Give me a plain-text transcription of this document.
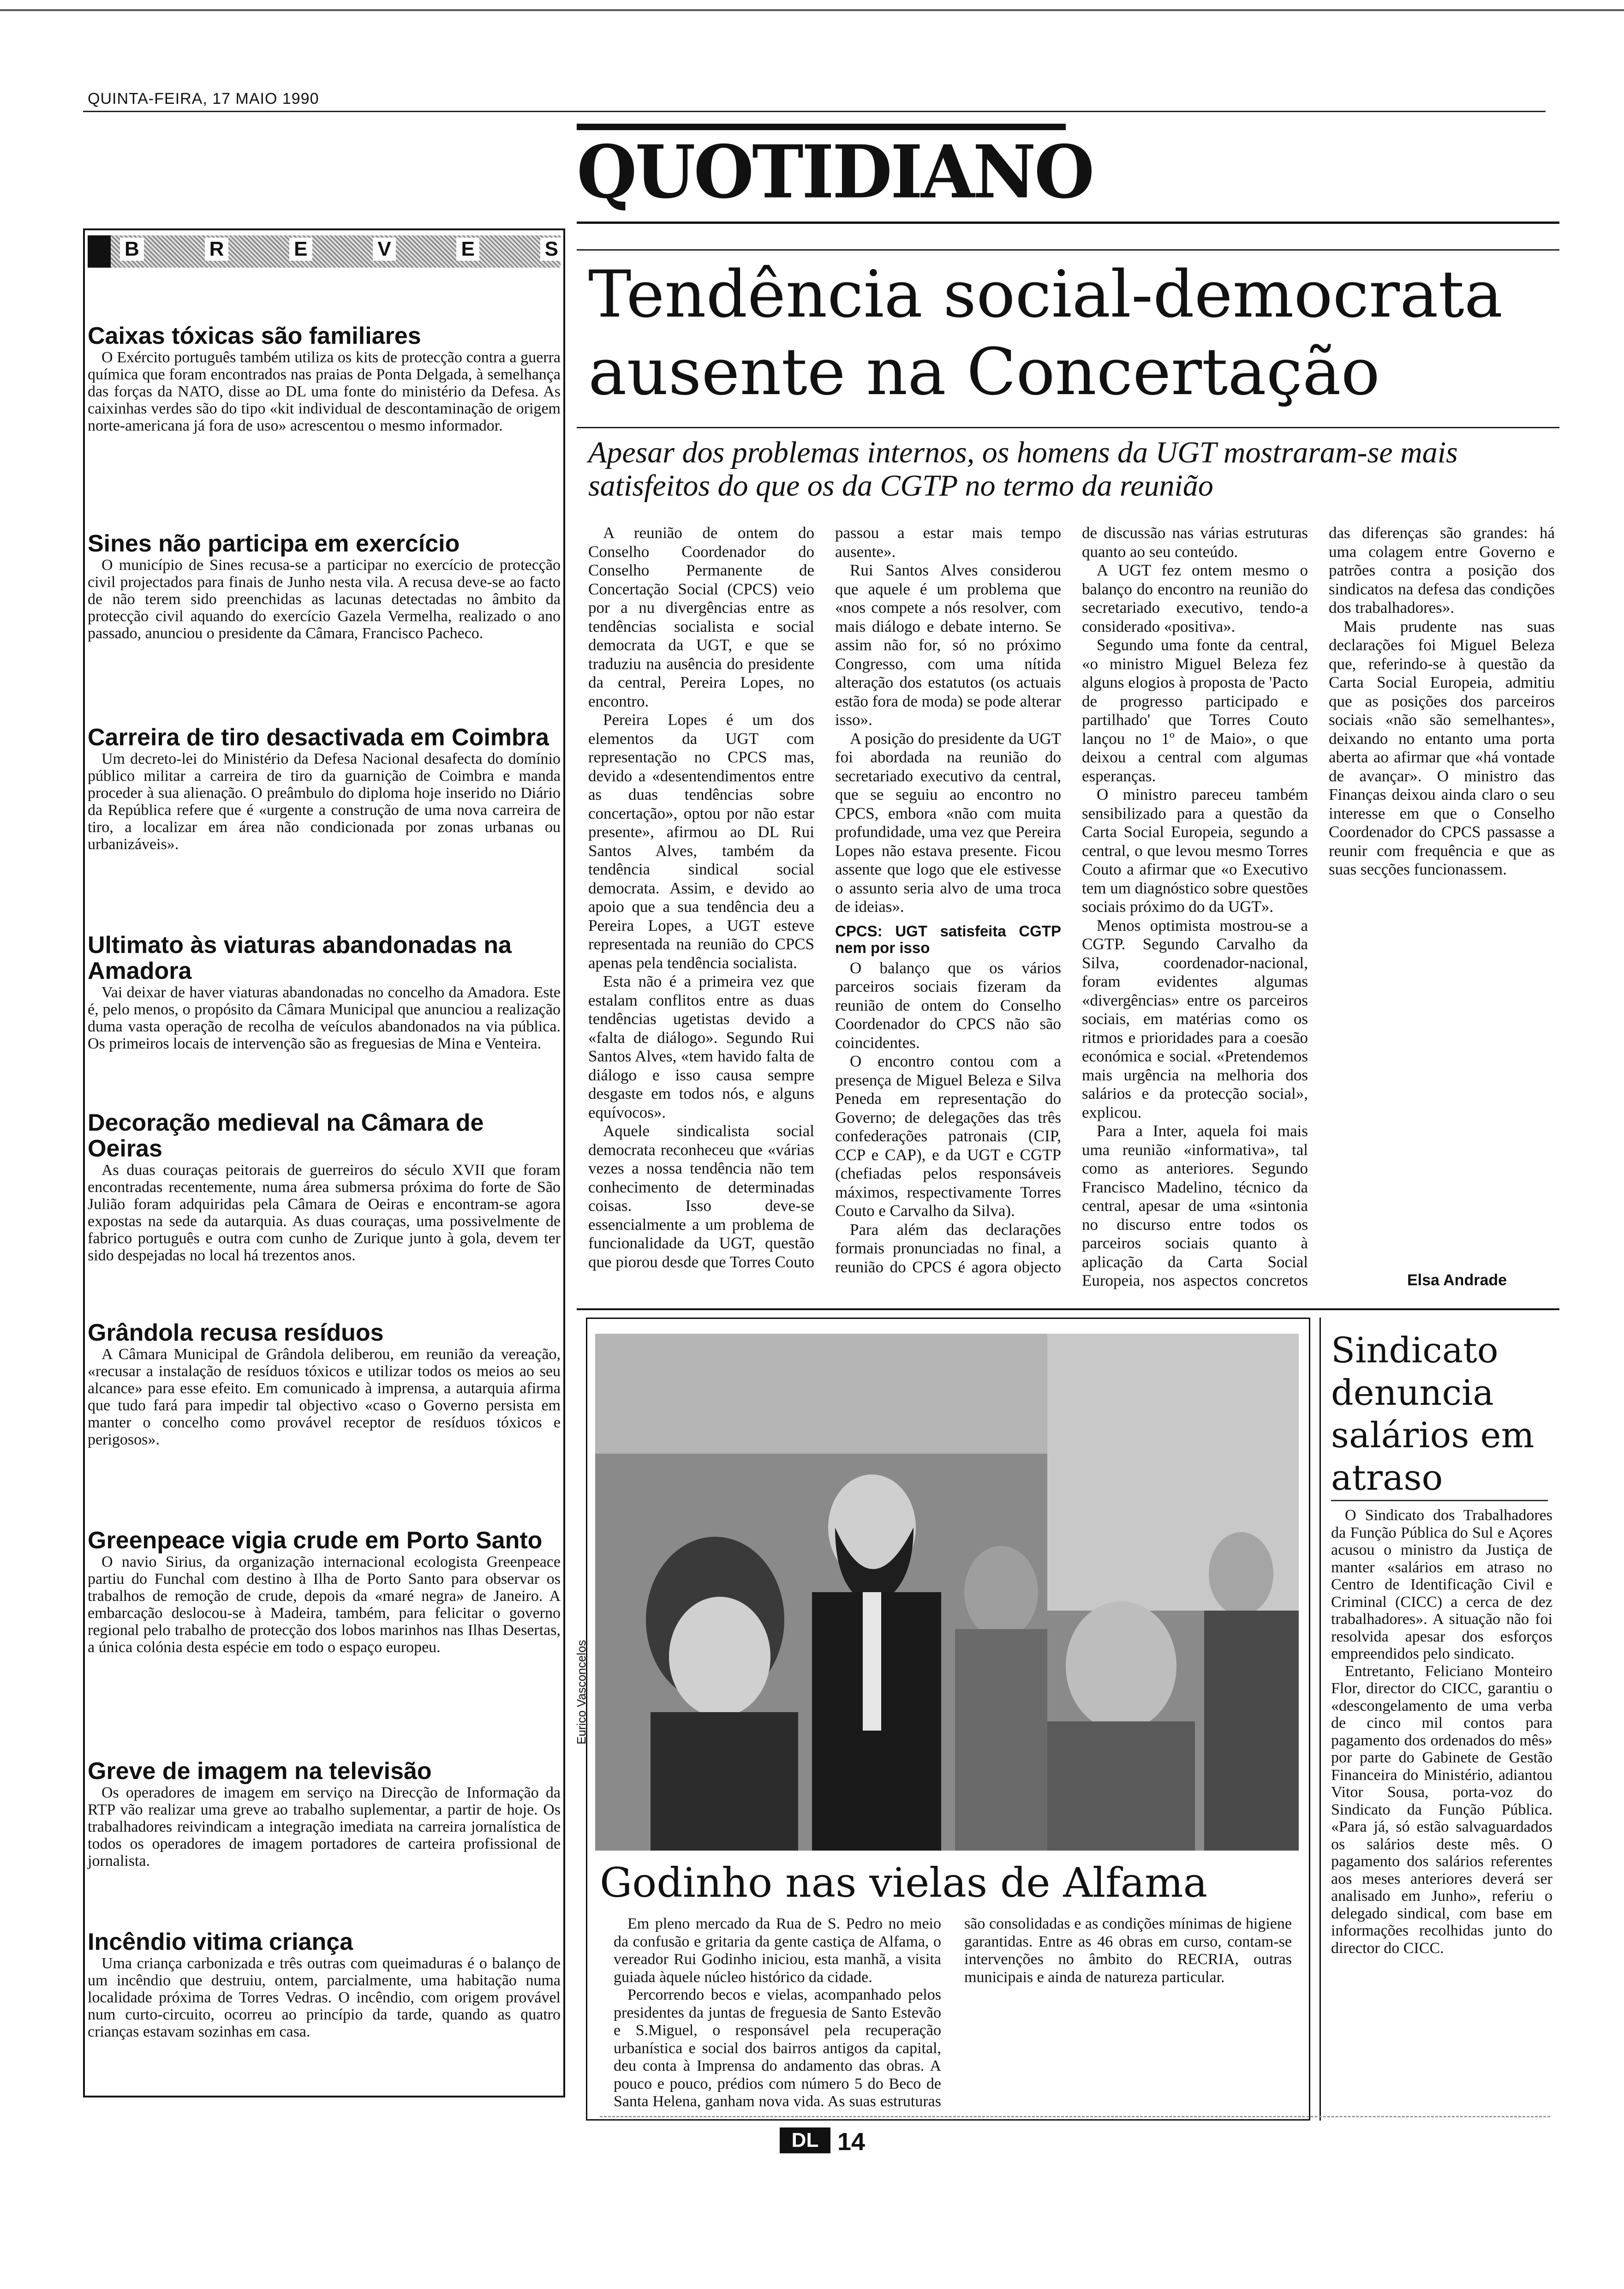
QUINTA-FEIRA, 17 MAIO 1990
QUOTIDIANO
B	R	E	V	E	S
Caixas tóxicas são familiares

O Exército português também utiliza os kits de protecção contra a guerra química que foram encontrados nas praias de Ponta Delgada, à semelhança das forças da NATO, disse ao DL uma fonte do ministério da Defesa. As caixinhas verdes são do tipo «kit individual de descontaminação de origem norte-americana já fora de uso» acrescentou o mesmo informador.

Sines não participa em exercício

O município de Sines recusa-se a participar no exercício de protecção civil projectados para finais de Junho nesta vila. A recusa deve-se ao facto de não terem sido preenchidas as lacunas detectadas no âmbito da protecção civil aquando do exercício Gazela Vermelha, realizado o ano passado, anunciou o presidente da Câmara, Francisco Pacheco.

Carreira de tiro desactivada em Coimbra

Um decreto-lei do Ministério da Defesa Nacional desafecta do domínio público militar a carreira de tiro da guarnição de Coimbra e manda proceder à sua alienação. O preâmbulo do diploma hoje inserido no Diário da República refere que é «urgente a construção de uma nova carreira de tiro, a localizar em área não condicionada por zonas urbanas ou urbanizáveis».

Ultimato às viaturas abandonadas na Amadora

Vai deixar de haver viaturas abandonadas no concelho da Amadora. Este é, pelo menos, o propósito da Câmara Municipal que anunciou a realização duma vasta operação de recolha de veículos abandonados na via pública. Os primeiros locais de intervenção são as freguesias de Mina e Venteira.

Decoração medieval na Câmara de Oeiras

As duas couraças peitorais de guerreiros do século XVII que foram encontradas recentemente, numa área submersa próxima do forte de São Julião foram adquiridas pela Câmara de Oeiras e encontram-se agora expostas na sede da autarquia. As duas couraças, uma possivelmente de fabrico português e outra com cunho de Zurique junto à gola, devem ter sido despejadas no local há trezentos anos.

Grândola recusa resíduos

A Câmara Municipal de Grândola deliberou, em reunião da vereação, «recusar a instalação de resíduos tóxicos e utilizar todos os meios ao seu alcance» para esse efeito. Em comunicado à imprensa, a autarquia afirma que tudo fará para impedir tal objectivo «caso o Governo persista em manter o concelho como provável receptor de resíduos tóxicos e perigosos».

Greenpeace vigia crude em Porto Santo

O navio Sirius, da organização internacional ecologista Greenpeace partiu do Funchal com destino à Ilha de Porto Santo para observar os trabalhos de remoção de crude, depois da «maré negra» de Janeiro. A embarcação deslocou-se à Madeira, também, para felicitar o governo regional pelo trabalho de protecção dos lobos marinhos nas Ilhas Desertas, a única colónia desta espécie em todo o espaço europeu.

Greve de imagem na televisão

Os operadores de imagem em serviço na Direcção de Informação da RTP vão realizar uma greve ao trabalho suplementar, a partir de hoje. Os trabalhadores reivindicam a integração imediata na carreira jornalística de todos os operadores de imagem portadores de carteira profissional de jornalista.

Incêndio vitima criança

Uma criança carbonizada e três outras com queimaduras é o balanço de um incêndio que destruiu, ontem, parcialmente, uma habitação numa localidade próxima de Torres Vedras. O incêndio, com origem provável num curto-circuito, ocorreu ao princípio da tarde, quando as quatro crianças estavam sozinhas em casa.

Tendência social-democrata
ausente na Concertação
Apesar dos problemas internos, os homens da UGT mostraram-se mais satisfeitos do que os da CGTP no termo da reunião

A reunião de ontem do Conselho Coordenador do Conselho Permanente de Concertação Social (CPCS) veio por a nu divergências entre as tendências socialista e social democrata da UGT, e que se traduziu na ausência do presidente da central, Pereira Lopes, no encontro.

Pereira Lopes é um dos elementos da UGT com representação no CPCS mas, devido a «desentendimentos entre as duas tendências sobre concertação», optou por não estar presente», afirmou ao DL Rui Santos Alves, também da tendência sindical social democrata. Assim, e devido ao apoio que a sua tendência deu a Pereira Lopes, a UGT esteve representada na reunião do CPCS apenas pela tendência socialista.

Esta não é a primeira vez que estalam conflitos entre as duas tendências ugetistas devido a «falta de diálogo». Segundo Rui Santos Alves, «tem havido falta de diálogo e isso causa sempre desgaste em todos nós, e alguns equívocos».

Aquele sindicalista social democrata reconheceu que «várias vezes a nossa tendência não tem conhecimento de determinadas coisas. Isso deve-se essencialmente a um problema de funcionalidade da UGT, questão que piorou desde que Torres Couto passou a estar mais tempo ausente».

Rui Santos Alves considerou que aquele é um problema que «nos compete a nós resolver, com mais diálogo e debate interno. Se assim não for, só no próximo Congresso, com uma nítida alteração dos estatutos (os actuais estão fora de moda) se pode alterar isso».

A posição do presidente da UGT foi abordada na reunião do secretariado executivo da central, que se seguiu ao encontro no CPCS, embora «não com muita profundidade, uma vez que Pereira Lopes não estava presente. Ficou assente que logo que ele estivesse o assunto seria alvo de uma troca de ideias».

CPCS: UGT satisfeita CGTP nem por isso

O balanço que os vários parceiros sociais fizeram da reunião de ontem do Conselho Coordenador do CPCS não são coincidentes.

O encontro contou com a presença de Miguel Beleza e Silva Peneda em representação do Governo; de delegações das três confederações patronais (CIP, CCP e CAP), e da UGT e CGTP (chefiadas pelos responsáveis máximos, respectivamente Torres Couto e Carvalho da Silva).

Para além das declarações formais pronunciadas no final, a reunião do CPCS é agora objecto de discussão nas várias estruturas quanto ao seu conteúdo.

A UGT fez ontem mesmo o balanço do encontro na reunião do secretariado executivo, tendo-a considerado «positiva».

Segundo uma fonte da central, «o ministro Miguel Beleza fez alguns elogios à proposta de 'Pacto de progresso participado e partilhado' que Torres Couto lançou no 1º de Maio», o que deixou a central com algumas esperanças.

O ministro pareceu também sensibilizado para a questão da Carta Social Europeia, segundo a central, o que levou mesmo Torres Couto a afirmar que «o Executivo tem um diagnóstico sobre questões sociais próximo do da UGT».

Menos optimista mostrou-se a CGTP. Segundo Carvalho da Silva, coordenador-nacional, foram evidentes algumas «divergências» entre os parceiros sociais, em matérias como os ritmos e prioridades para a coesão económica e social. «Pretendemos mais urgência na melhoria dos salários e da protecção social», explicou.

Para a Inter, aquela foi mais uma reunião «informativa», tal como as anteriores. Segundo Francisco Madelino, técnico da central, apesar de uma «sintonia no discurso entre todos os parceiros sociais quanto à aplicação da Carta Social Europeia, nos aspectos concretos das diferenças são grandes: há uma colagem entre Governo e patrões contra a posição dos sindicatos na defesa das condições dos trabalhadores».

Mais prudente nas suas declarações foi Miguel Beleza que, referindo-se à questão da Carta Social Europeia, admitiu que as posições dos parceiros sociais «não são semelhantes», deixando no entanto uma porta aberta ao afirmar que «há vontade de avançar». O ministro das Finanças deixou ainda claro o seu interesse em que o Conselho Coordenador do CPCS passasse a reunir com frequência e que as suas secções funcionassem.

Elsa Andrade
Eurico Vasconcelos
Godinho nas vielas de Alfama

Em pleno mercado da Rua de S. Pedro no meio da confusão e gritaria da gente castiça de Alfama, o vereador Rui Godinho iniciou, esta manhã, a visita guiada àquele núcleo histórico da cidade.

Percorrendo becos e vielas, acompanhado pelos presidentes da juntas de freguesia de Santo Estevão e S.Miguel, o responsável pela recuperação urbanística e social dos bairros antigos da capital, deu conta à Imprensa do andamento das obras. A pouco e pouco, prédios com número 5 do Beco de Santa Helena, ganham nova vida. As suas estruturas são consolidadas e as condições mínimas de higiene garantidas. Entre as 46 obras em curso, contam-se intervenções no âmbito do RECRIA, outras municipais e ainda de natureza particular.

Sindicato denuncia salários em atraso

O Sindicato dos Trabalhadores da Função Pública do Sul e Açores acusou o ministro da Justiça de manter «salários em atraso no Centro de Identificação Civil e Criminal (CICC) a cerca de dez trabalhadores». A situação não foi resolvida apesar dos esforços empreendidos pelo sindicato.

Entretanto, Feliciano Monteiro Flor, director do CICC, garantiu o «descongelamento de uma verba de cinco mil contos para pagamento dos ordenados do mês» por parte do Gabinete de Gestão Financeira do Ministério, adiantou Vitor Sousa, porta-voz do Sindicato da Função Pública. «Para já, só estão salvaguardados os salários deste mês. O pagamento dos salários referentes aos meses anteriores deverá ser analisado em Junho», referiu o delegado sindical, com base em informações recolhidas junto do director do CICC.

DL 14
